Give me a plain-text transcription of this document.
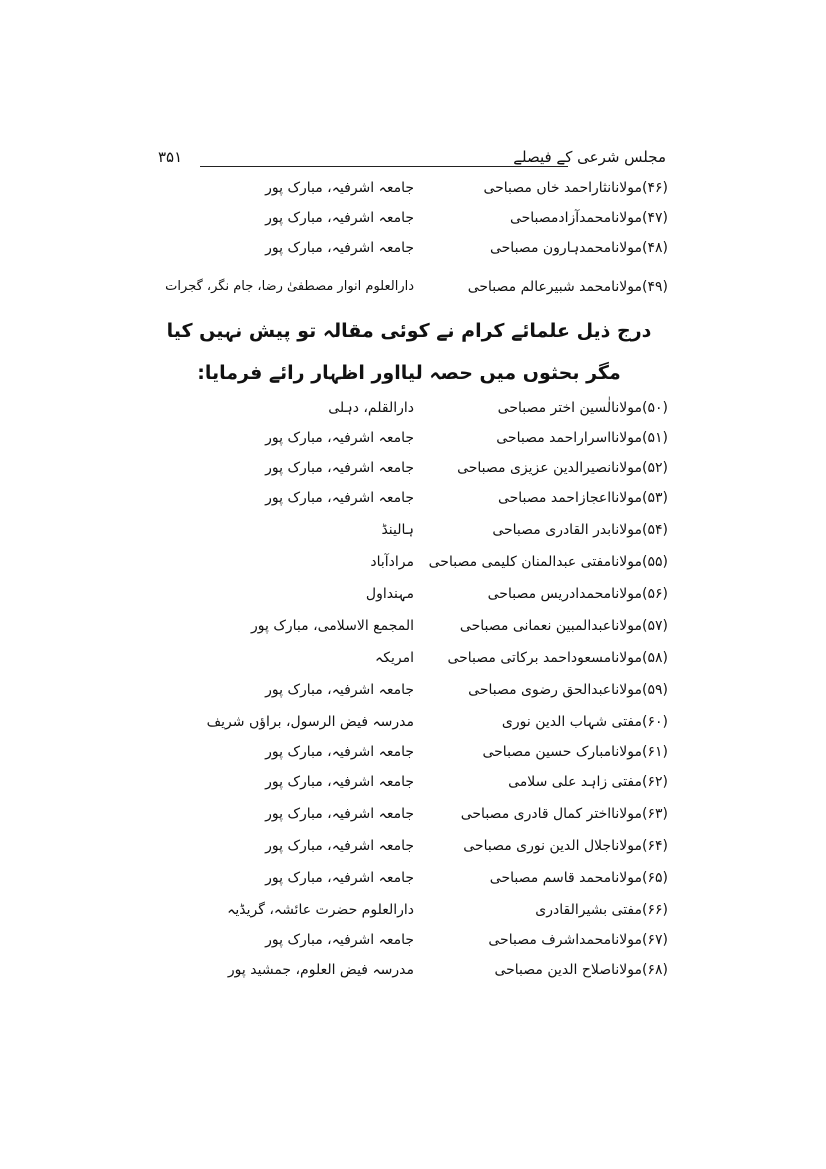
مجلس شرعی کے فیصلے
۳۵۱
(۴۶)مولانانثاراحمد خاں مصباحی
جامعہ اشرفیہ، مبارک پور
(۴۷)مولانامحمدآزادمصباحی
جامعہ اشرفیہ، مبارک پور
(۴۸)مولانامحمدہارون مصباحی
جامعہ اشرفیہ، مبارک پور
(۴۹)مولانامحمد شبیرعالم مصباحی
دارالعلوم انوار مصطفیٰ رضا، جام نگر، گجرات
درج ذیل علمائے کرام نے کوئی مقالہ تو پیش نہیں کیا
مگر بحثوں میں حصہ لیااور اظہار رائے فرمایا:
(۵۰)مولانالٰسین اختر مصباحی
دارالقلم، دہلی
(۵۱)مولانااسراراحمد مصباحی
جامعہ اشرفیہ، مبارک پور
(۵۲)مولانانصیرالدین عزیزی مصباحی
جامعہ اشرفیہ، مبارک پور
(۵۳)مولانااعجازاحمد مصباحی
جامعہ اشرفیہ، مبارک پور
(۵۴)مولانابدر القادری مصباحی
ہالینڈ
(۵۵)مولانامفتی عبدالمنان کلیمی مصباحی
مرادآباد
(۵۶)مولانامحمدادریس مصباحی
مہنداول
(۵۷)مولاناعبدالمبین نعمانی مصباحی
المجمع الاسلامی، مبارک پور
(۵۸)مولانامسعوداحمد برکاتی مصباحی
امریکہ
(۵۹)مولاناعبدالحق رضوی مصباحی
جامعہ اشرفیہ، مبارک پور
(۶۰)مفتی شہاب الدین نوری
مدرسہ فیض الرسول، براؤں شریف
(۶۱)مولانامبارک حسین مصباحی
جامعہ اشرفیہ، مبارک پور
(۶۲)مفتی زاہد علی سلامی
جامعہ اشرفیہ، مبارک پور
(۶۳)مولانااختر کمال قادری مصباحی
جامعہ اشرفیہ، مبارک پور
(۶۴)مولاناجلال الدین نوری مصباحی
جامعہ اشرفیہ، مبارک پور
(۶۵)مولانامحمد قاسم مصباحی
جامعہ اشرفیہ، مبارک پور
(۶۶)مفتی بشیرالقادری
دارالعلوم حضرت عائشہ، گریڈیہ
(۶۷)مولانامحمداشرف مصباحی
جامعہ اشرفیہ، مبارک پور
(۶۸)مولاناصلاح الدین مصباحی
مدرسہ فیض العلوم، جمشید پور
